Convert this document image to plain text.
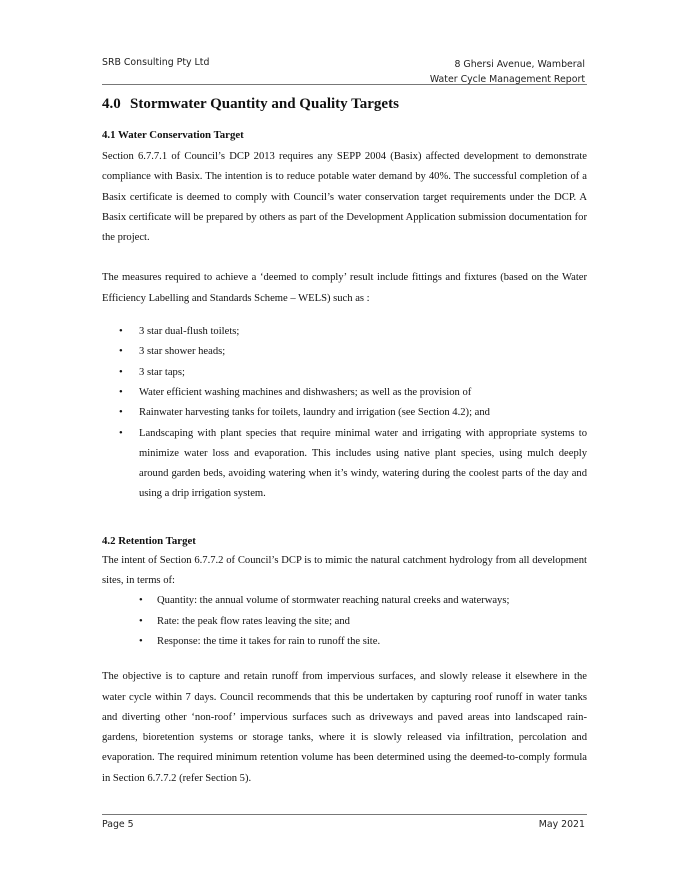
SRB Consulting Pty Ltd	8 Ghersi Avenue, Wamberal
Water Cycle Management Report
4.0 Stormwater Quantity and Quality Targets
4.1 Water Conservation Target

Section 6.7.7.1 of Council’s DCP 2013 requires any SEPP 2004 (Basix) affected development to demonstrate compliance with Basix. The intention is to reduce potable water demand by 40%. The successful completion of a Basix certificate is deemed to comply with Council’s water conservation target requirements under the DCP. A Basix certificate will be prepared by others as part of the Development Application submission documentation for the project.

The measures required to achieve a ‘deemed to comply’ result include fittings and fixtures (based on the Water Efficiency Labelling and Standards Scheme – WELS) such as :

• 3 star dual-flush toilets;
• 3 star shower heads;
• 3 star taps;
• Water efficient washing machines and dishwashers; as well as the provision of
• Rainwater harvesting tanks for toilets, laundry and irrigation (see Section 4.2); and
• Landscaping with plant species that require minimal water and irrigating with appropriate systems to minimize water loss and evaporation. This includes using native plant species, using mulch deeply around garden beds, avoiding watering when it’s windy, watering during the coolest parts of the day and using a drip irrigation system.
4.2 Retention Target

The intent of Section 6.7.7.2 of Council’s DCP is to mimic the natural catchment hydrology from all development sites, in terms of:

• Quantity: the annual volume of stormwater reaching natural creeks and waterways;
• Rate: the peak flow rates leaving the site; and
• Response: the time it takes for rain to runoff the site.

The objective is to capture and retain runoff from impervious surfaces, and slowly release it elsewhere in the water cycle within 7 days. Council recommends that this be undertaken by capturing roof runoff in water tanks and diverting other ‘non-roof’ impervious surfaces such as driveways and paved areas into landscaped rain-gardens, bioretention systems or storage tanks, where it is slowly released via infiltration, percolation and evaporation. The required minimum retention volume has been determined using the deemed-to-comply formula in Section 6.7.7.2 (refer Section 5).

Page 5	May 2021
